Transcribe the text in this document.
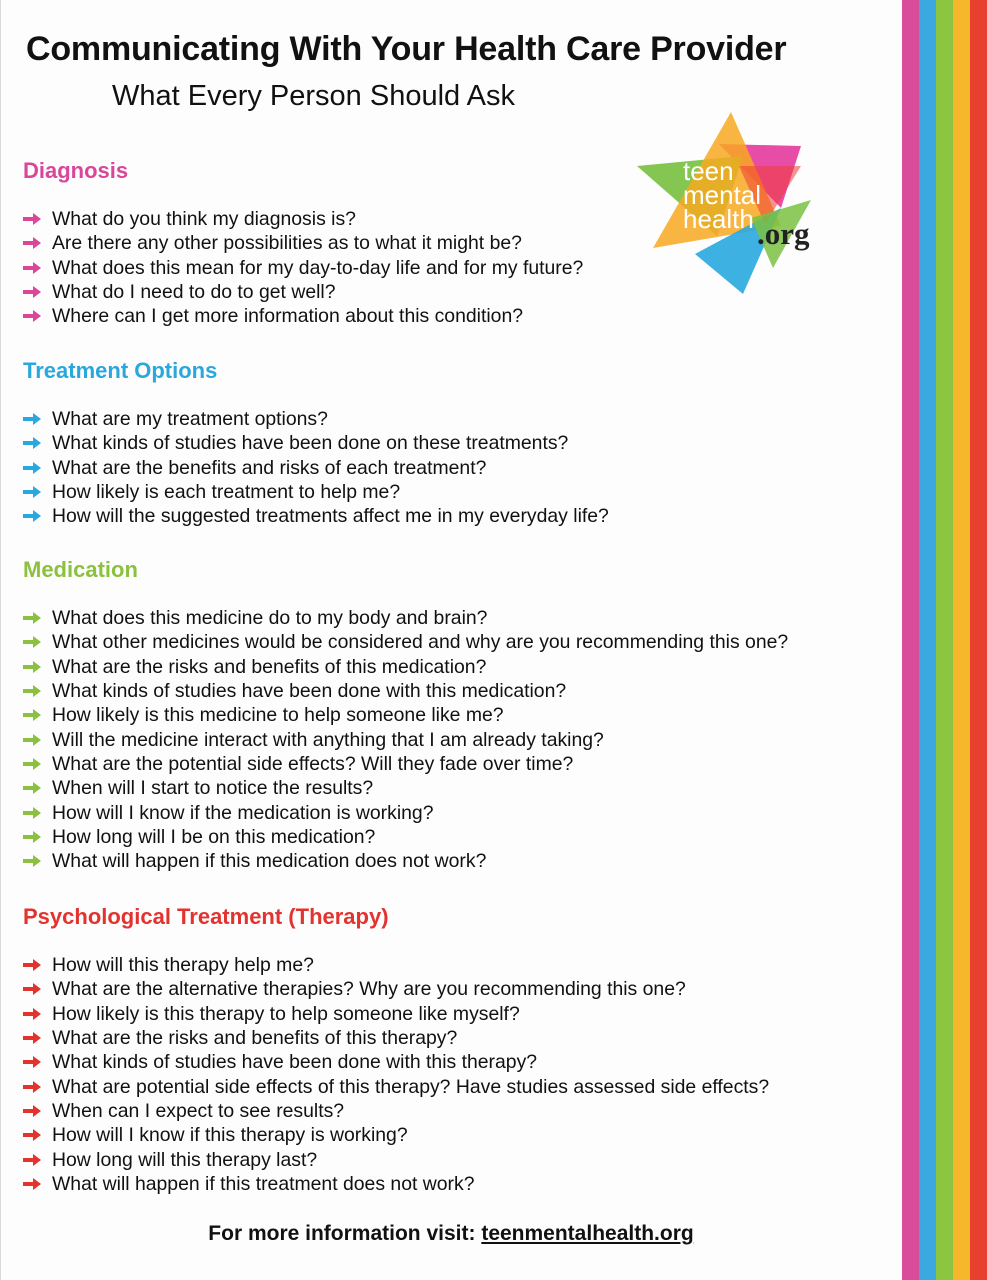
Communicating With Your Health Care Provider
What Every Person Should Ask
teen
mental
health .org
Diagnosis
What do you think my diagnosis is?
Are there any other possibilities as to what it might be?
What does this mean for my day-to-day life and for my future?
What do I need to do to get well?
Where can I get more information about this condition?
Treatment Options
What are my treatment options?
What kinds of studies have been done on these treatments?
What are the benefits and risks of each treatment?
How likely is each treatment to help me?
How will the suggested treatments affect me in my everyday life?
Medication
What does this medicine do to my body and brain?
What other medicines would be considered and why are you recommending this one?
What are the risks and benefits of this medication?
What kinds of studies have been done with this medication?
How likely is this medicine to help someone like me?
Will the medicine interact with anything that I am already taking?
What are the potential side effects? Will they fade over time?
When will I start to notice the results?
How will I know if the medication is working?
How long will I be on this medication?
What will happen if this medication does not work?
Psychological Treatment (Therapy)
How will this therapy help me?
What are the alternative therapies? Why are you recommending this one?
How likely is this therapy to help someone like myself?
What are the risks and benefits of this therapy?
What kinds of studies have been done with this therapy?
What are potential side effects of this therapy? Have studies assessed side effects?
When can I expect to see results?
How will I know if this therapy is working?
How long will this therapy last?
What will happen if this treatment does not work?
For more information visit: teenmentalhealth.org
